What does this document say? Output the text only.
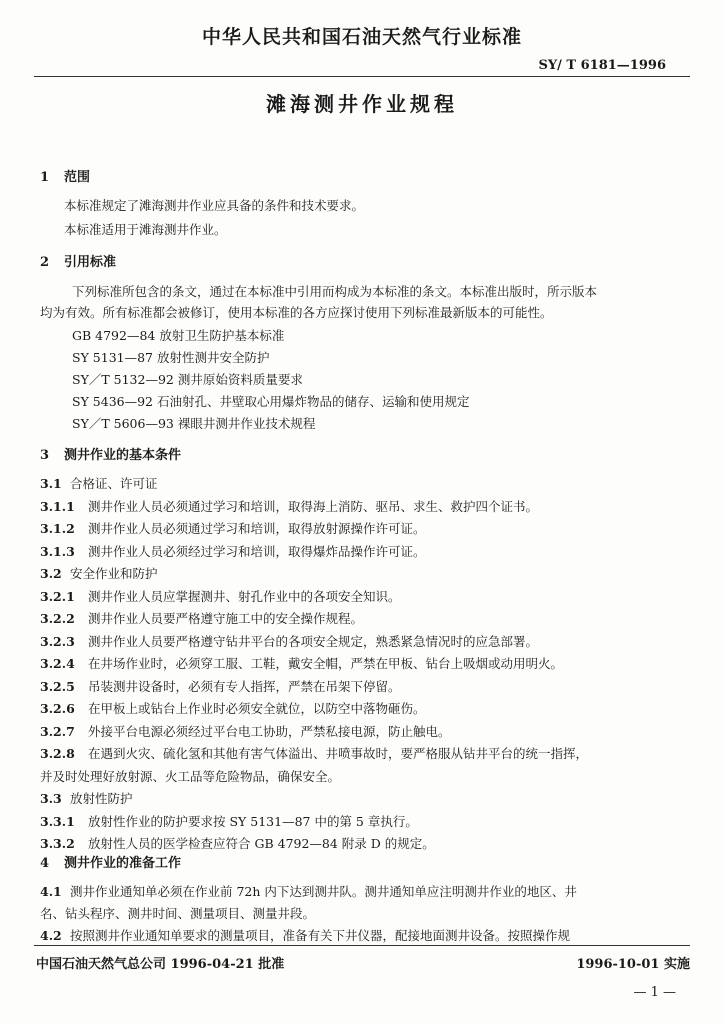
中华人民共和国石油天然气行业标准
SY/ T 6181—1996
滩海测井作业规程
1 范围
本标准规定了滩海测井作业应具备的条件和技术要求。
本标准适用于滩海测井作业。
2 引用标准
下列标准所包含的条文，通过在本标准中引用而构成为本标准的条文。本标准出版时，所示版本
均为有效。所有标准都会被修订，使用本标准的各方应探讨使用下列标准最新版本的可能性。
GB 4792—84 放射卫生防护基本标准
SY 5131—87 放射性测井安全防护
SY／T 5132—92 测井原始资料质量要求
SY 5436—92 石油射孔、井壁取心用爆炸物品的储存、运输和使用规定
SY／T 5606—93 裸眼井测井作业技术规程
3 测井作业的基本条件
3.1 合格证、许可证
3.1.1 测井作业人员必须通过学习和培训，取得海上消防、驱吊、求生、救护四个证书。
3.1.2 测井作业人员必须通过学习和培训，取得放射源操作许可证。
3.1.3 测井作业人员必须经过学习和培训，取得爆炸品操作许可证。
3.2 安全作业和防护
3.2.1 测井作业人员应掌握测井、射孔作业中的各项安全知识。
3.2.2 测井作业人员要严格遵守施工中的安全操作规程。
3.2.3 测井作业人员要严格遵守钻井平台的各项安全规定，熟悉紧急情况时的应急部署。
3.2.4 在井场作业时，必须穿工服、工鞋，戴安全帽，严禁在甲板、钻台上吸烟或动用明火。
3.2.5 吊装测井设备时，必须有专人指挥，严禁在吊架下停留。
3.2.6 在甲板上或钻台上作业时必须安全就位，以防空中落物砸伤。
3.2.7 外接平台电源必须经过平台电工协助，严禁私接电源，防止触电。
3.2.8 在遇到火灾、硫化氢和其他有害气体溢出、井喷事故时，要严格服从钻井平台的统一指挥，
并及时处理好放射源、火工品等危险物品，确保安全。
3.3 放射性防护
3.3.1 放射性作业的防护要求按 SY 5131—87 中的第 5 章执行。
3.3.2 放射性人员的医学检查应符合 GB 4792—84 附录 D 的规定。
4 测井作业的准备工作
4.1 测井作业通知单必须在作业前 72h 内下达到测井队。测井通知单应注明测井作业的地区、井
名、钻头程序、测井时间、测量项目、测量井段。
4.2 按照测井作业通知单要求的测量项目，准备有关下井仪器，配接地面测井设备。按照操作规
中国石油天然气总公司 1996-04-21 批准	1996-10-01 实施
— 1 —
